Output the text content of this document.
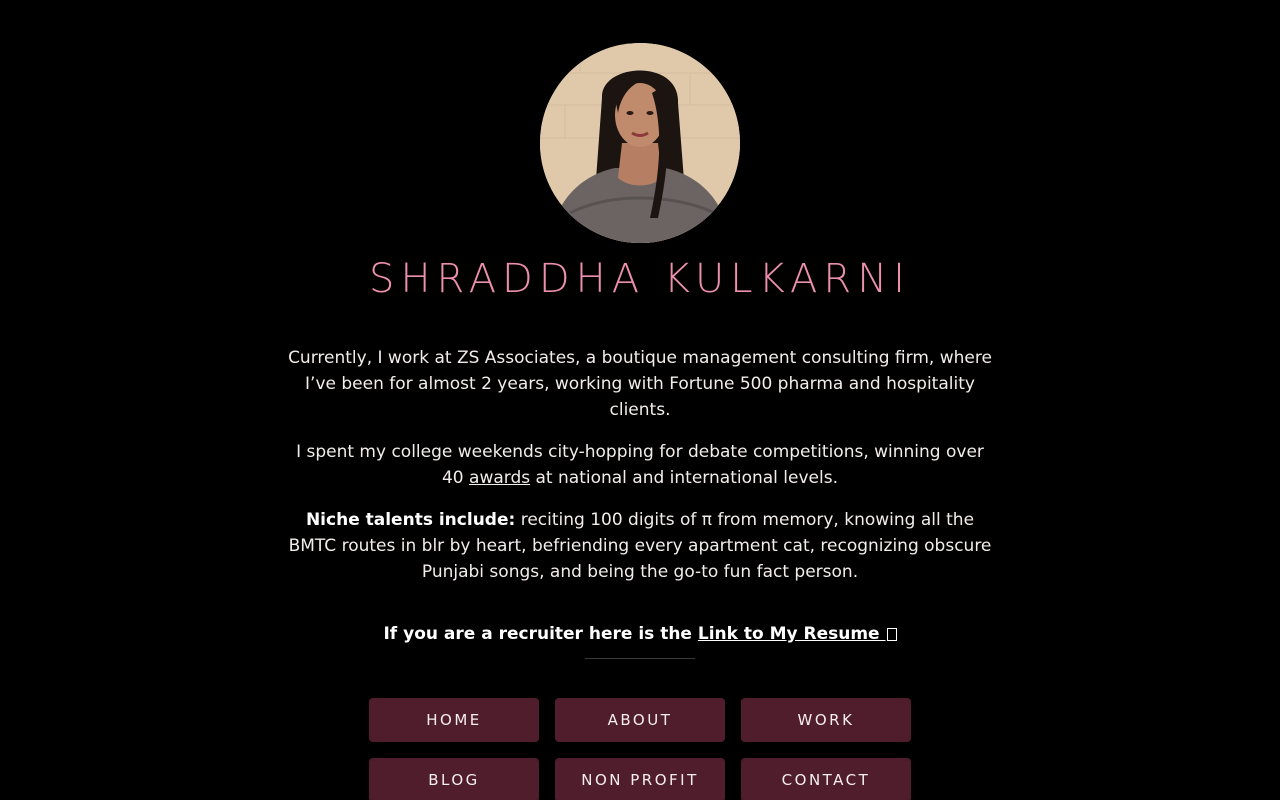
SHRADDHA KULKARNI

Currently, I work at ZS Associates, a boutique management consulting firm, where I’ve been for almost 2 years, working with Fortune 500 pharma and hospitality clients.

I spent my college weekends city-hopping for debate competitions, winning over 40 awards at national and international levels.

Niche talents include: reciting 100 digits of π from memory, knowing all the BMTC routes in blr by heart, befriending every apartment cat, recognizing obscure Punjabi songs, and being the go-to fun fact person.

If you are a recruiter here is the Link to My Resume
HOME	ABOUT	WORK
BLOG	NON PROFIT	CONTACT
